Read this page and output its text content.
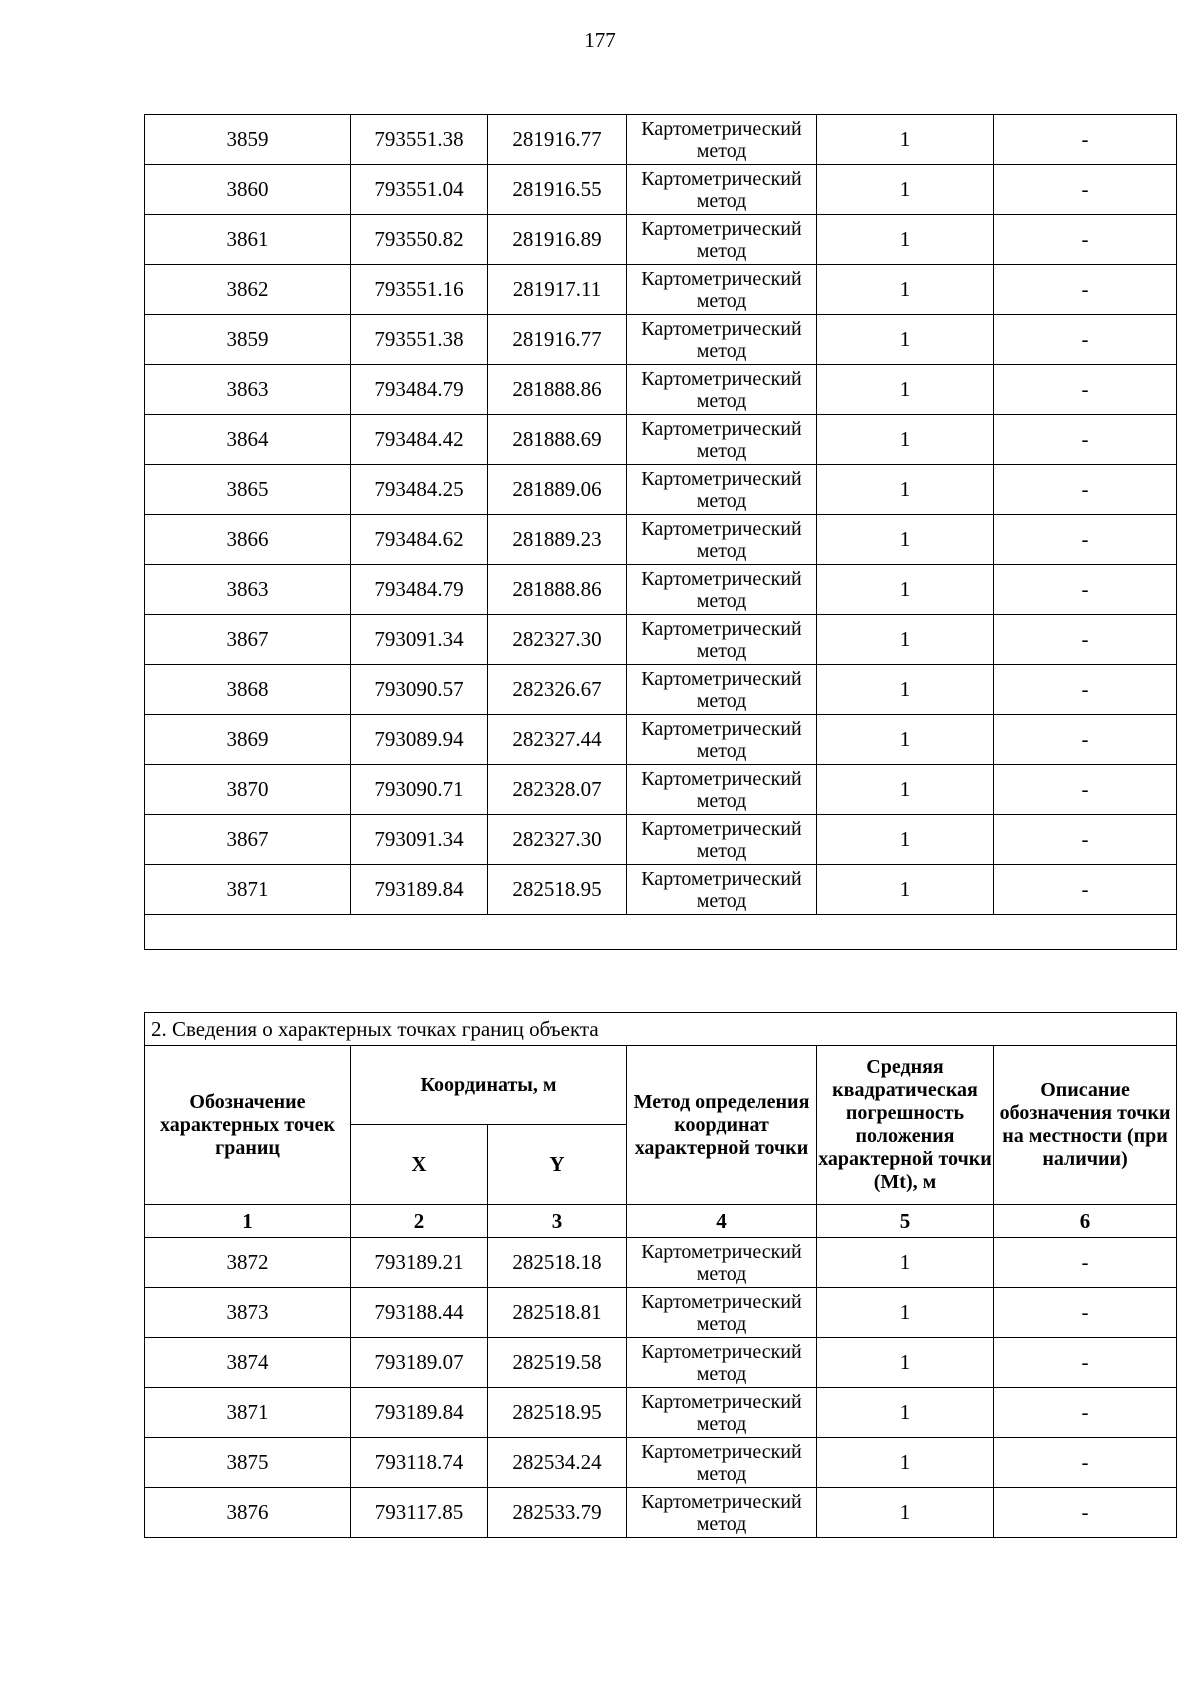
177
3859	793551.38	281916.77	Картометрический метод	1	-
3860	793551.04	281916.55	Картометрический метод	1	-
3861	793550.82	281916.89	Картометрический метод	1	-
3862	793551.16	281917.11	Картометрический метод	1	-
3859	793551.38	281916.77	Картометрический метод	1	-
3863	793484.79	281888.86	Картометрический метод	1	-
3864	793484.42	281888.69	Картометрический метод	1	-
3865	793484.25	281889.06	Картометрический метод	1	-
3866	793484.62	281889.23	Картометрический метод	1	-
3863	793484.79	281888.86	Картометрический метод	1	-
3867	793091.34	282327.30	Картометрический метод	1	-
3868	793090.57	282326.67	Картометрический метод	1	-
3869	793089.94	282327.44	Картометрический метод	1	-
3870	793090.71	282328.07	Картометрический метод	1	-
3867	793091.34	282327.30	Картометрический метод	1	-
3871	793189.84	282518.95	Картометрический метод	1	-

2. Сведения о характерных точках границ объекта					
Обозначение характерных точек границ	Координаты, м		Метод определения координат характерной точки	Средняя квадратическая погрешность положения характерной точки (Mt), м	Описание обозначения точки на местности (при наличии)
	X	Y			
1	2	3	4	5	6
3872	793189.21	282518.18	Картометрический метод	1	-
3873	793188.44	282518.81	Картометрический метод	1	-
3874	793189.07	282519.58	Картометрический метод	1	-
3871	793189.84	282518.95	Картометрический метод	1	-
3875	793118.74	282534.24	Картометрический метод	1	-
3876	793117.85	282533.79	Картометрический метод	1	-
